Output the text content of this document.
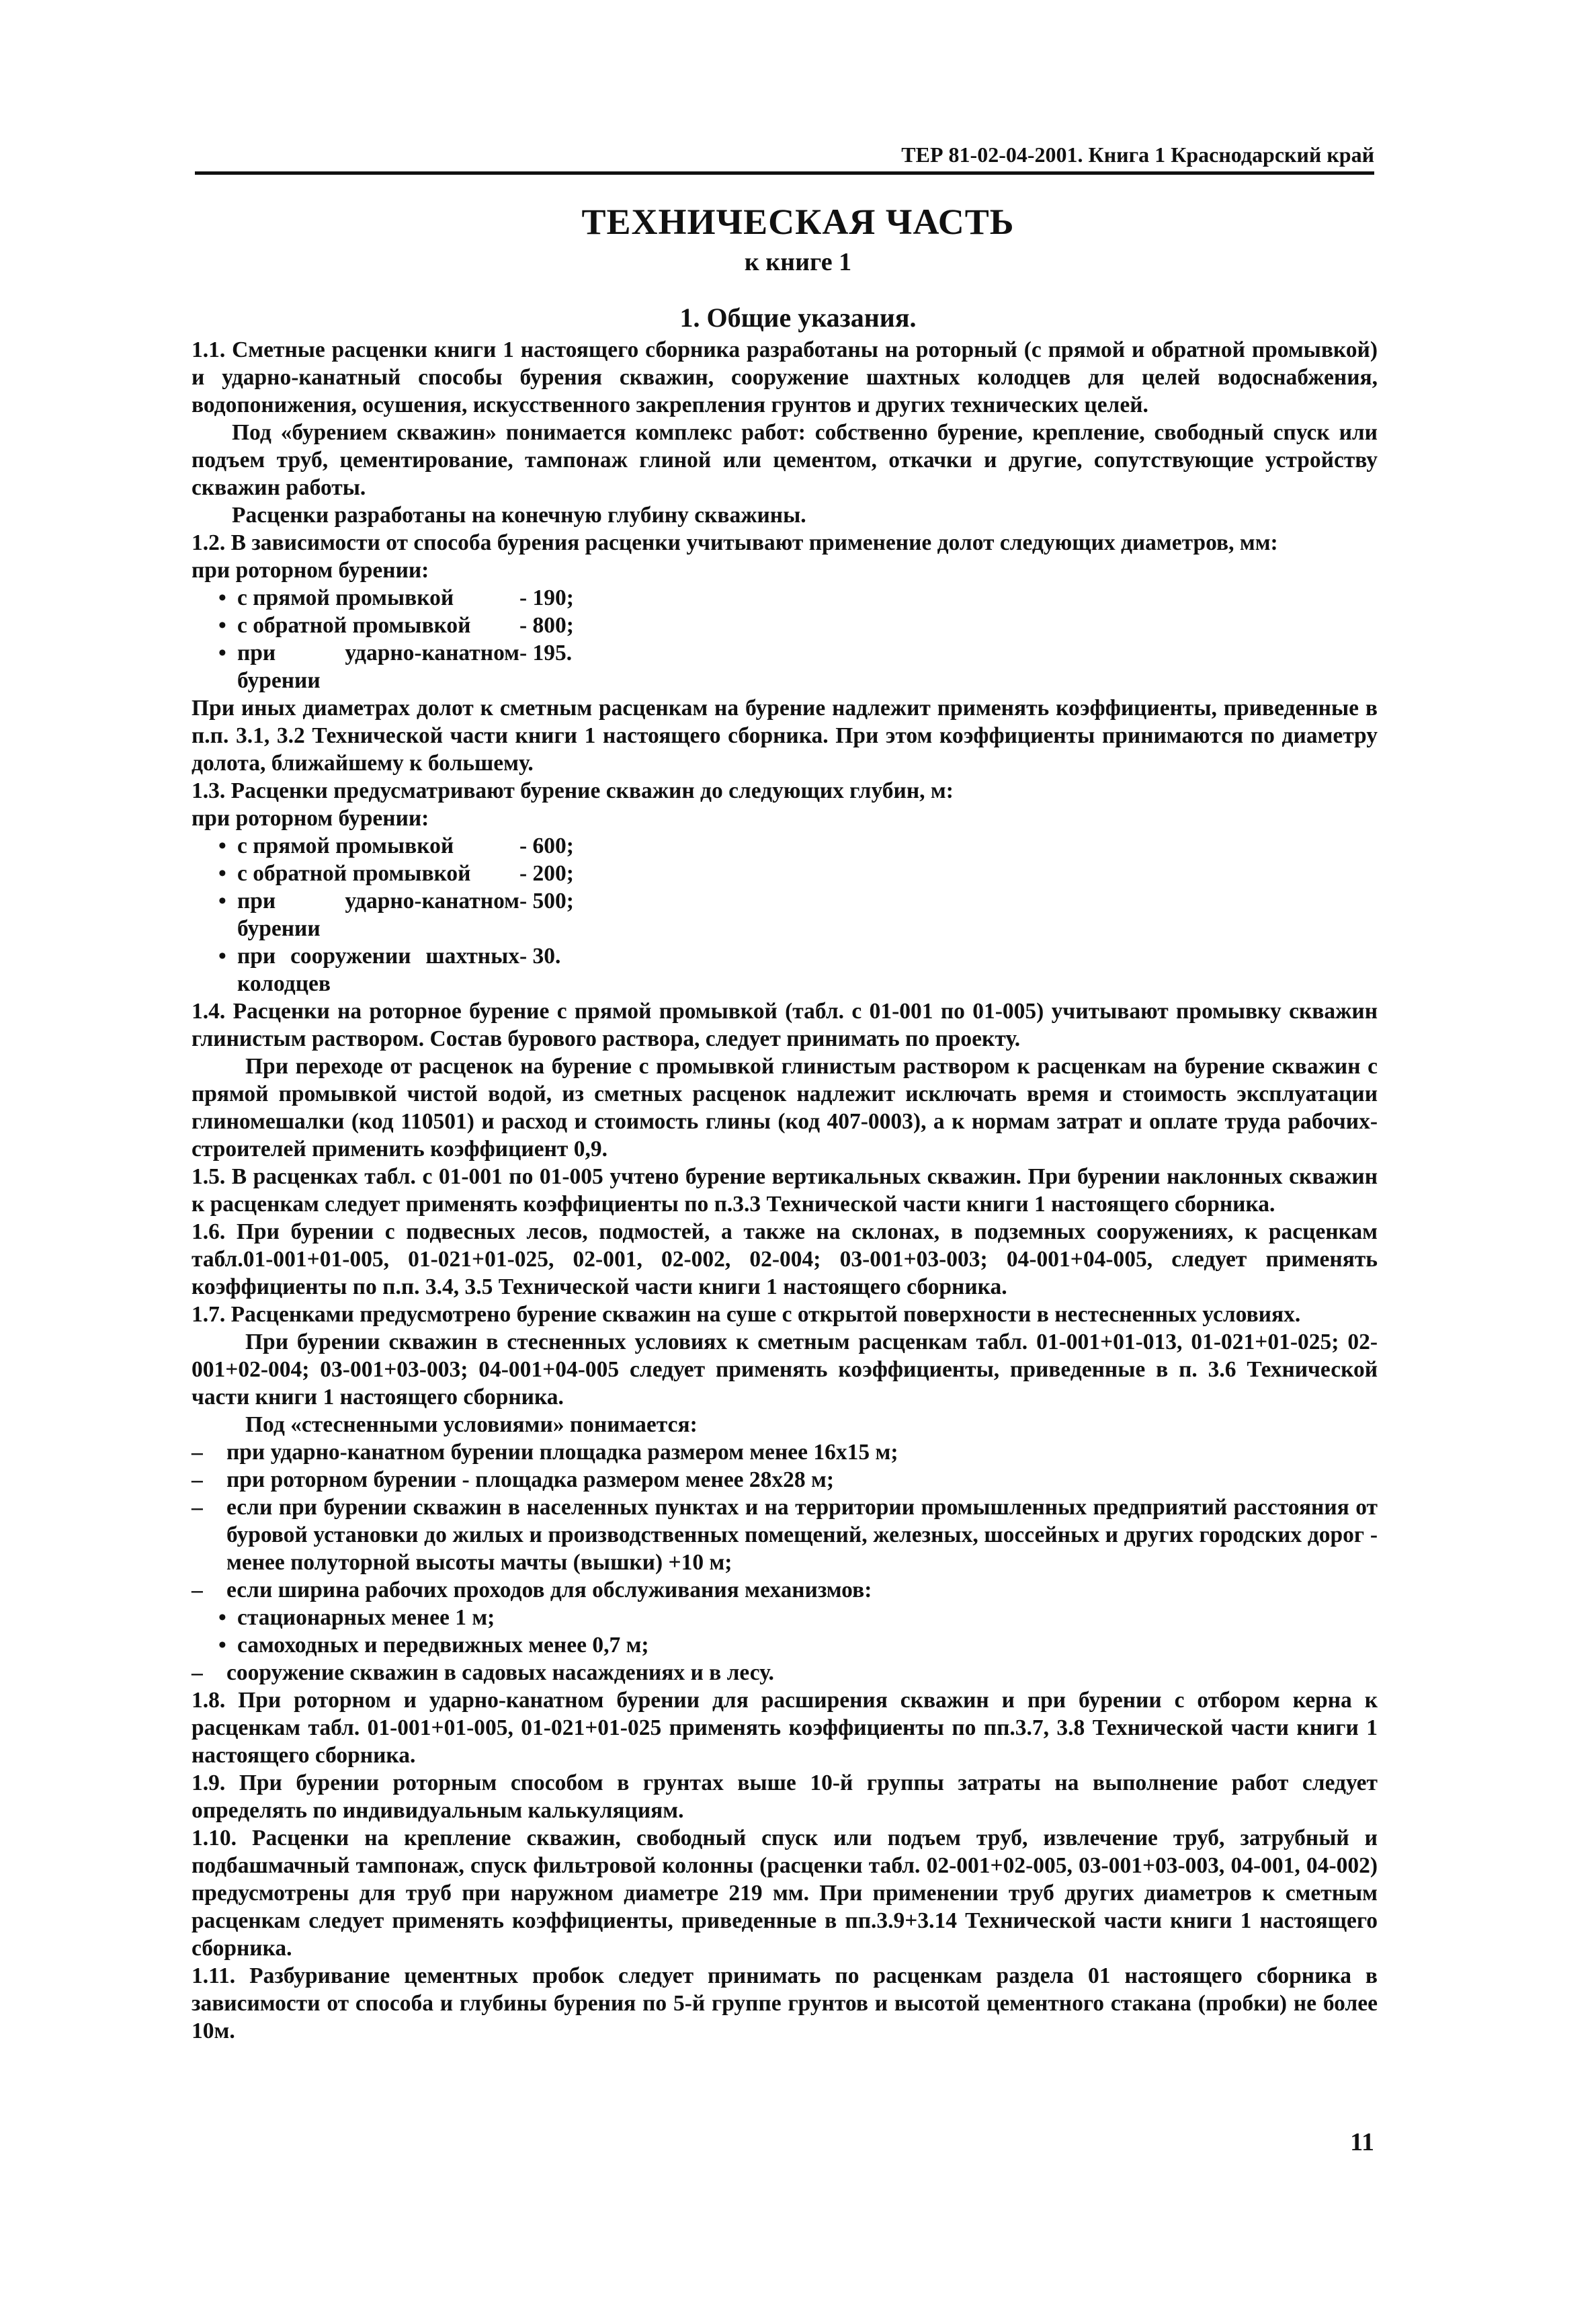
ТЕР 81-02-04-2001. Книга 1 Краснодарский край
ТЕХНИЧЕСКАЯ ЧАСТЬ
к книге 1
1. Общие указания.

1.1. Сметные расценки книги 1 настоящего сборника разработаны на роторный (с прямой и обратной промывкой) и ударно-канатный способы бурения скважин, сооружение шахтных колодцев для целей водоснабжения, водопонижения, осушения, искусственного закрепления грунтов и других технических целей.

Под «бурением скважин» понимается комплекс работ: собственно бурение, крепление, свободный спуск или подъем труб, цементирование, тампонаж глиной или цементом, откачки и другие, сопутствующие устройству скважин работы.

Расценки разработаны на конечную глубину скважины.

1.2. В зависимости от способа бурения расценки учитывают применение долот следующих диаметров, мм:

при роторном бурении:

• с прямой промывкой	- 190;
• с обратной промывкой	- 800;
• при ударно-канатном бурении
- 195.

При иных диаметрах долот к сметным расценкам на бурение надлежит применять коэффициенты, приведенные в п.п. 3.1, 3.2 Технической части книги 1 настоящего сборника. При этом коэффициенты принимаются по диаметру долота, ближайшему к большему.

1.3. Расценки предусматривают бурение скважин до следующих глубин, м:

при роторном бурении:

• с прямой промывкой	- 600;
• с обратной промывкой	- 200;
• при ударно-канатном бурении
- 500;
• при сооружении шахтных колодцев
- 30.

1.4. Расценки на роторное бурение с прямой промывкой (табл. с 01-001 по 01-005) учитывают промывку скважин глинистым раствором. Состав бурового раствора, следует принимать по проекту.

При переходе от расценок на бурение с промывкой глинистым раствором к расценкам на бурение скважин с прямой промывкой чистой водой, из сметных расценок надлежит исключать время и стоимость эксплуатации глиномешалки (код 110501) и расход и стоимость глины (код 407-0003), а к нормам затрат и оплате труда рабочих-строителей применить коэффициент 0,9.

1.5. В расценках табл. с 01-001 по 01-005 учтено бурение вертикальных скважин. При бурении наклонных скважин к расценкам следует применять коэффициенты по п.3.3 Технической части книги 1 настоящего сборника.

1.6. При бурении с подвесных лесов, подмостей, а также на склонах, в подземных сооружениях, к расценкам табл.01-001+01-005, 01-021+01-025, 02-001, 02-002, 02-004; 03-001+03-003; 04-001+04-005, следует применять коэффициенты по п.п. 3.4, 3.5 Технической части книги 1 настоящего сборника.

1.7. Расценками предусмотрено бурение скважин на суше с открытой поверхности в нестесненных условиях.

При бурении скважин в стесненных условиях к сметным расценкам табл. 01-001+01-013, 01-021+01-025; 02-001+02-004; 03-001+03-003; 04-001+04-005 следует применять коэффициенты, приведенные в п. 3.6 Технической части книги 1 настоящего сборника.

Под «стесненными условиями» понимается:

–	при ударно-канатном бурении площадка размером менее 16x15 м;
–	при роторном бурении - площадка размером менее 28x28 м;
–	если при бурении скважин в населенных пунктах и на территории промышленных предприятий расстояния от буровой установки до жилых и производственных помещений, железных, шоссейных и других городских дорог - менее полуторной высоты мачты (вышки) +10 м;
–	если ширина рабочих проходов для обслуживания механизмов:
• стационарных менее 1 м;
• самоходных и передвижных менее 0,7 м;
–	сооружение скважин в садовых насаждениях и в лесу.

1.8. При роторном и ударно-канатном бурении для расширения скважин и при бурении с отбором керна к расценкам табл. 01-001+01-005, 01-021+01-025 применять коэффициенты по пп.3.7, 3.8 Технической части книги 1 настоящего сборника.

1.9. При бурении роторным способом в грунтах выше 10-й группы затраты на выполнение работ следует определять по индивидуальным калькуляциям.

1.10. Расценки на крепление скважин, свободный спуск или подъем труб, извлечение труб, затрубный и подбашмачный тампонаж, спуск фильтровой колонны (расценки табл. 02-001+02-005, 03-001+03-003, 04-001, 04-002) предусмотрены для труб при наружном диаметре 219 мм. При применении труб других диаметров к сметным расценкам следует применять коэффициенты, приведенные в пп.3.9+3.14 Технической части книги 1 настоящего сборника.

1.11. Разбуривание цементных пробок следует принимать по расценкам раздела 01 настоящего сборника в зависимости от способа и глубины бурения по 5-й группе грунтов и высотой цементного стакана (пробки) не более 10м.

11
